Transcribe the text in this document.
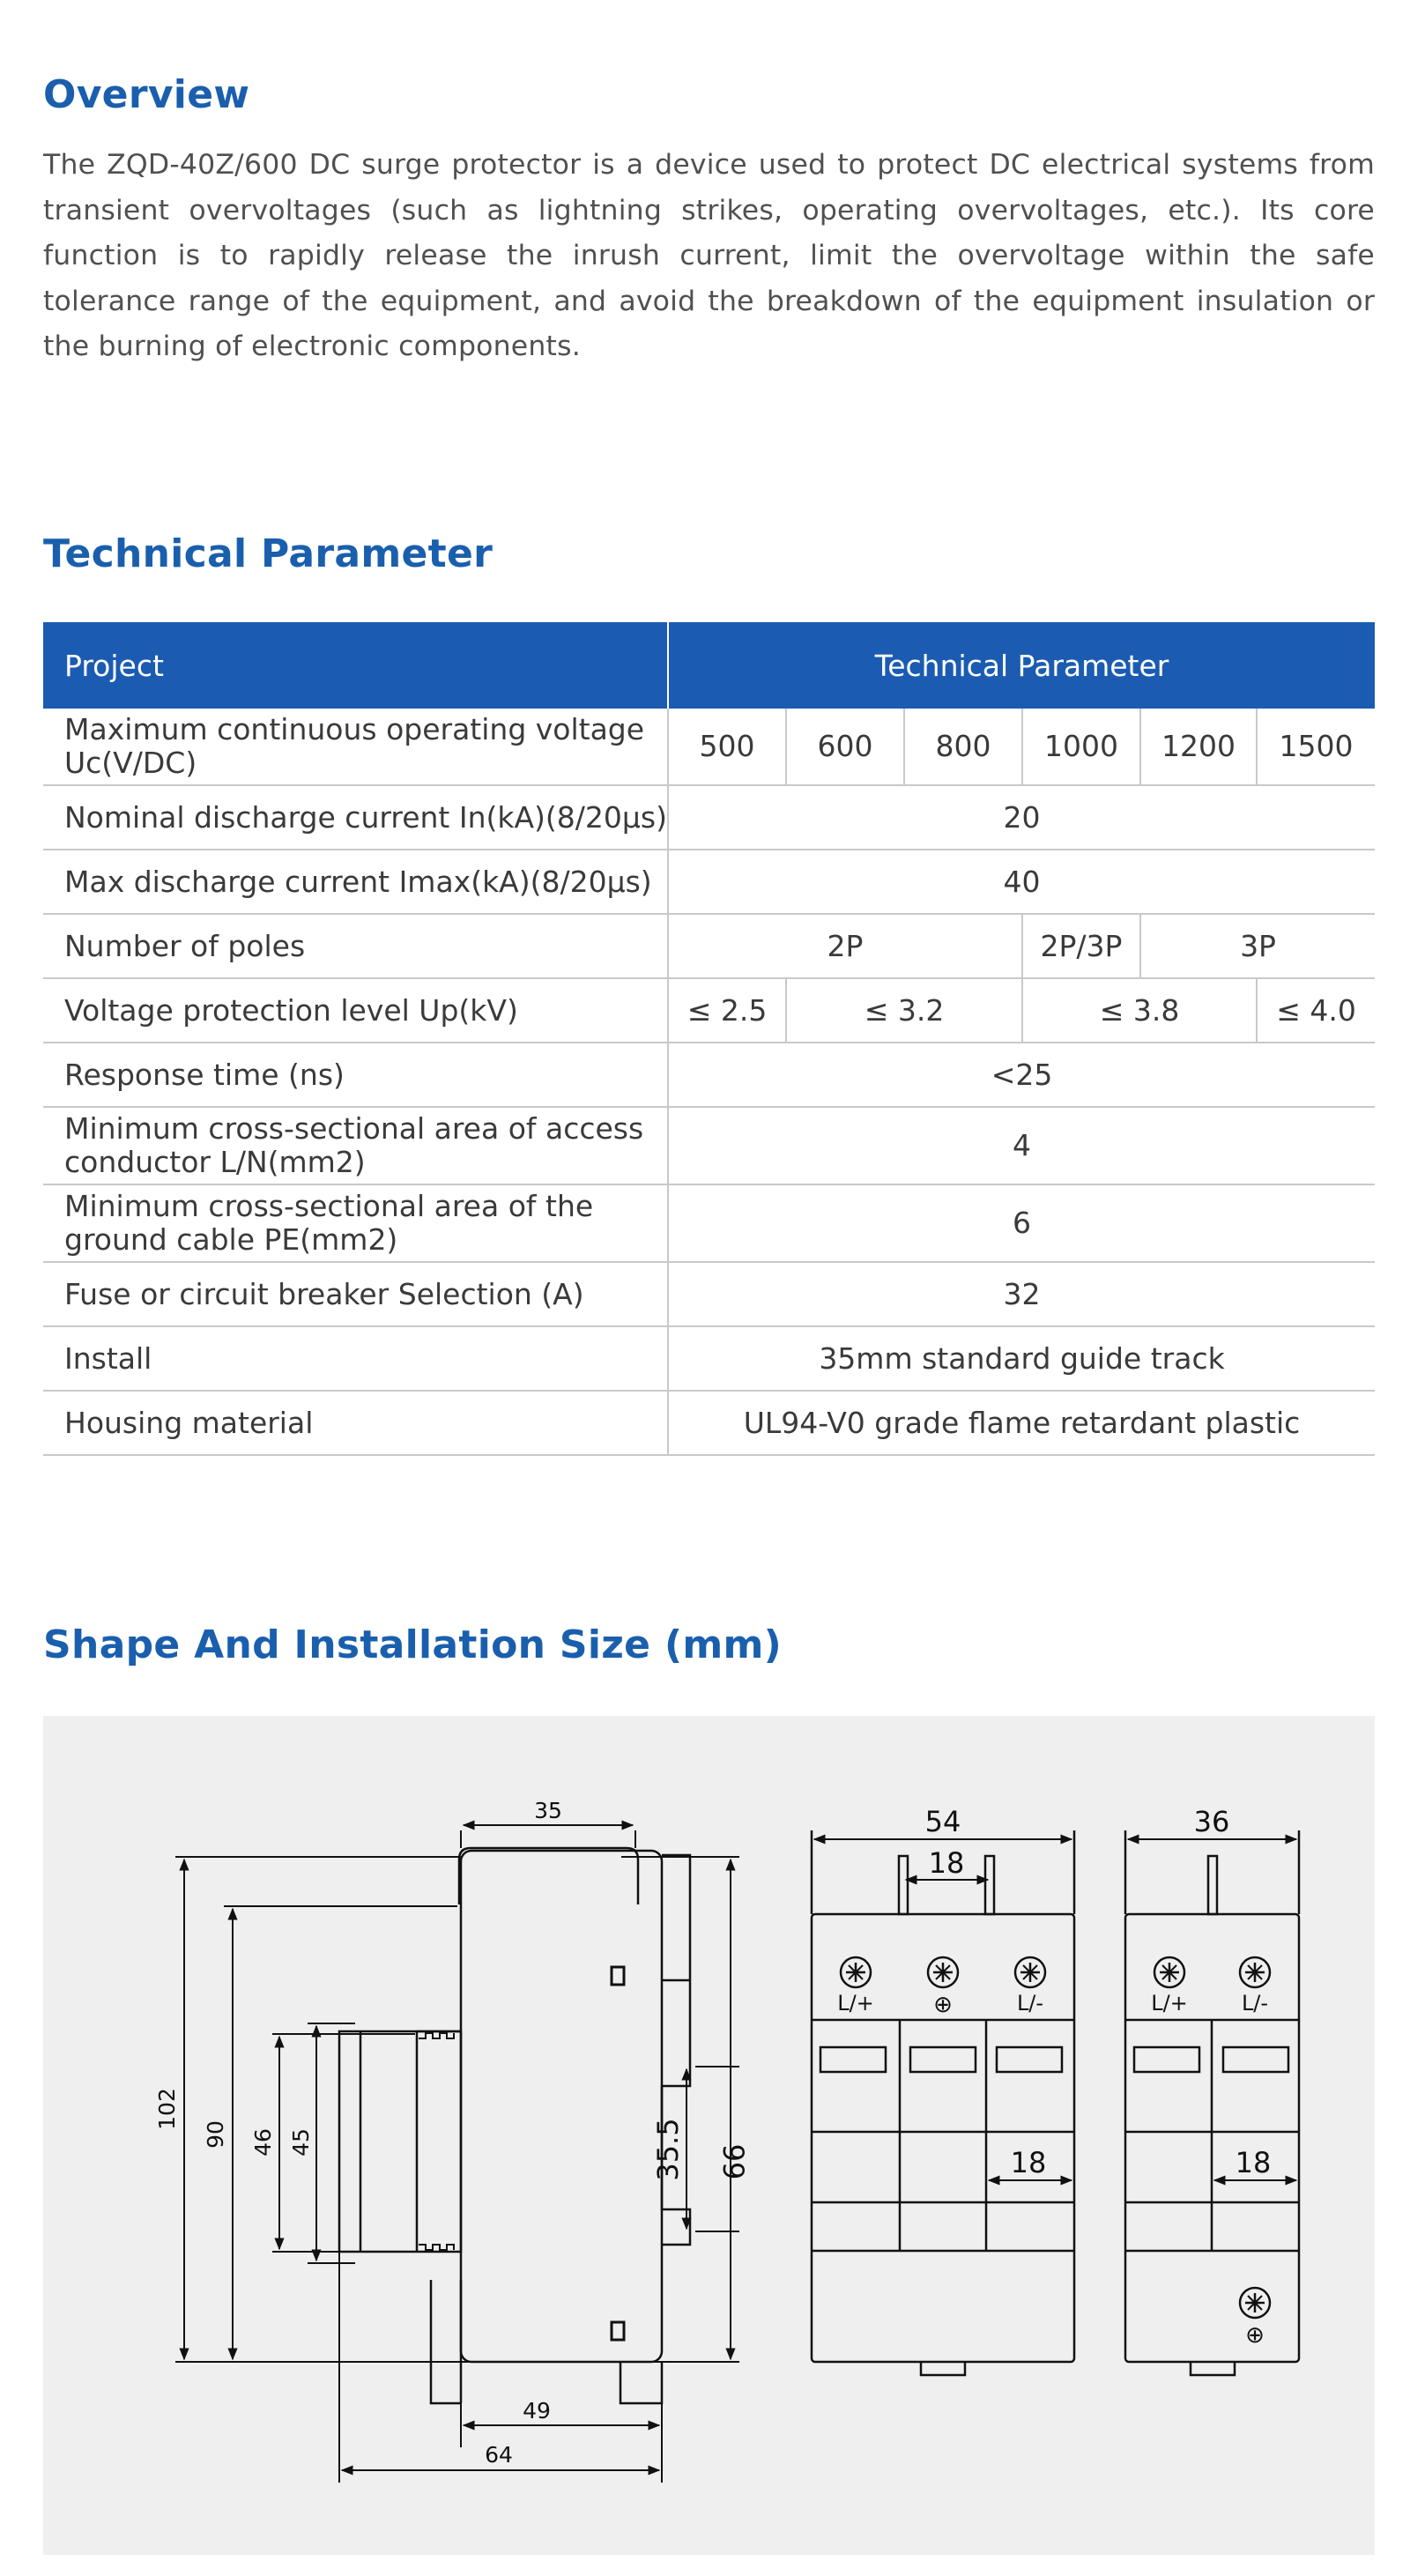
Overview

The ZQD-40Z/600 DC surge protector is a device used to protect DC electrical systems from transient overvoltages (such as lightning strikes, operating overvoltages, etc.). Its core function is to rapidly release the inrush current, limit the overvoltage within the safe tolerance range of the equipment, and avoid the breakdown of the equipment insulation or the burning of electronic components.

Technical Parameter
Project	Technical Parameter					
Maximum continuous operating voltage Uc(V/DC)	500	600	800	1000	1200	1500
Nominal discharge current In(kA)(8/20μs)	20					
Max discharge current Imax(kA)(8/20μs)	40					
Number of poles	2P			2P/3P	3P	
Voltage protection level Up(kV)	≤ 2.5	≤ 3.2		≤ 3.8		≤ 4.0
Response time (ns)	<25					
Minimum cross-sectional area of access conductor L/N(mm2)	4					
Minimum cross-sectional area of the ground cable PE(mm2)	6					
Fuse or circuit breaker Selection (A)	32					
Install	35mm standard guide track					
Housing material	UL94-V0 grade flame retardant plastic					
Shape And Installation Size (mm)
35
102
90 46 45	35.5 99
49
64
54
18
18
L/+	⊕	L/-
36
18
L/+	L/-
⊕
